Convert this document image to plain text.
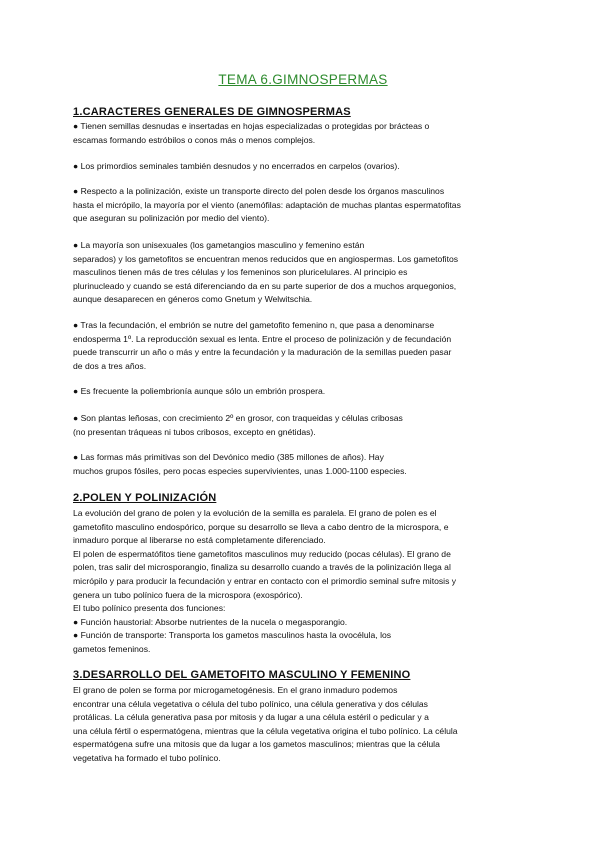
TEMA 6.GIMNOSPERMAS
1.CARACTERES GENERALES DE GIMNOSPERMAS
● Tienen semillas desnudas e insertadas en hojas especializadas o protegidas por brácteas o
escamas formando estróbilos o conos más o menos complejos.
● Los primordios seminales también desnudos y no encerrados en carpelos (ovarios).
● Respecto a la polinización, existe un transporte directo del polen desde los órganos masculinos
hasta el micrópilo, la mayoría por el viento (anemófilas: adaptación de muchas plantas espermatofitas
que aseguran su polinización por medio del viento).
● La mayoría son unisexuales (los gametangios masculino y femenino están
separados) y los gametofitos se encuentran menos reducidos que en angiospermas. Los gametofitos
masculinos tienen más de tres células y los femeninos son pluricelulares. Al principio es
plurinucleado y cuando se está diferenciando da en su parte superior de dos a muchos arquegonios,
aunque desaparecen en géneros como Gnetum y Welwitschia.
● Tras la fecundación, el embrión se nutre del gametofito femenino n, que pasa a denominarse
endosperma 1º. La reproducción sexual es lenta. Entre el proceso de polinización y de fecundación
puede transcurrir un año o más y entre la fecundación y la maduración de la semillas pueden pasar
de dos a tres años.
● Es frecuente la poliembrionía aunque sólo un embrión prospera.
● Son plantas leñosas, con crecimiento 2º en grosor, con traqueidas y células cribosas
(no presentan tráqueas ni tubos cribosos, excepto en gnétidas).
● Las formas más primitivas son del Devónico medio (385 millones de años). Hay
muchos grupos fósiles, pero pocas especies supervivientes, unas 1.000-1100 especies.
2.POLEN Y POLINIZACIÓN
La evolución del grano de polen y la evolución de la semilla es paralela. El grano de polen es el
gametofito masculino endospórico, porque su desarrollo se lleva a cabo dentro de la microspora, e
inmaduro porque al liberarse no está completamente diferenciado.
El polen de espermatófitos tiene gametofitos masculinos muy reducido (pocas células). El grano de
polen, tras salir del microsporangio, finaliza su desarrollo cuando a través de la polinización llega al
micrópilo y para producir la fecundación y entrar en contacto con el primordio seminal sufre mitosis y
genera un tubo polínico fuera de la microspora (exospórico).
El tubo polínico presenta dos funciones:
● Función haustorial: Absorbe nutrientes de la nucela o megasporangio.
● Función de transporte: Transporta los gametos masculinos hasta la ovocélula, los
gametos femeninos.
3.DESARROLLO DEL GAMETOFITO MASCULINO Y FEMENINO
El grano de polen se forma por microgametogénesis. En el grano inmaduro podemos
encontrar una célula vegetativa o célula del tubo polínico, una célula generativa y dos células
protálicas. La célula generativa pasa por mitosis y da lugar a una célula estéril o pedicular y a
una célula fértil o espermatógena, mientras que la célula vegetativa origina el tubo polínico. La célula
espermatógena sufre una mitosis que da lugar a los gametos masculinos; mientras que la célula
vegetativa ha formado el tubo polínico.
